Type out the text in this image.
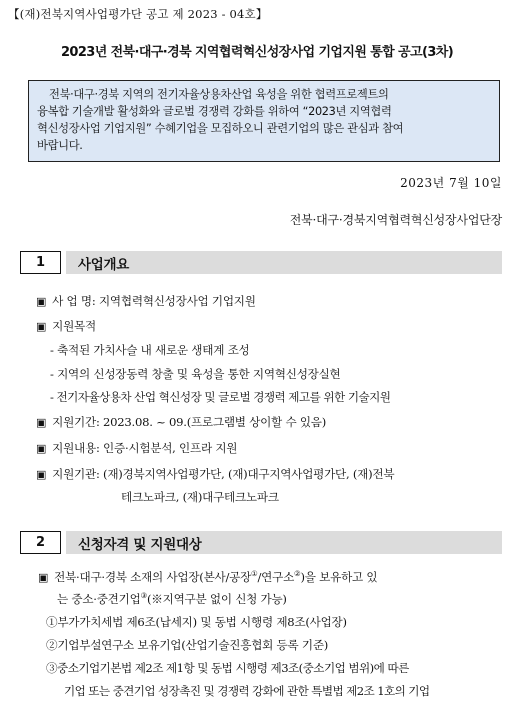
【(재)전북지역사업평가단 공고 제 2023 - 04호】
2023년 전북·대구·경북 지역협력혁신성장사업 기업지원 통합 공고(3차)
전북·대구·경북 지역의 전기자율상용차산업 육성을 위한 협력프로젝트의
융복합 기술개발 활성화와 글로벌 경쟁력 강화를 위하여 “2023년 지역협력
혁신성장사업 기업지원” 수혜기업을 모집하오니 관련기업의 많은 관심과 참여
바랍니다.
2023년 7월 10일
전북·대구·경북지역협력혁신성장사업단장
1	사업개요
▣ 사 업 명: 지역협력혁신성장사업 기업지원
▣ 지원목적
- 축적된 가치사슬 내 새로운 생태계 조성
- 지역의 신성장동력 창출 및 육성을 통한 지역혁신성장실현
- 전기자율상용차 산업 혁신성장 및 글로벌 경쟁력 제고를 위한 기술지원
▣ 지원기간: 2023.08. ~ 09.(프로그램별 상이할 수 있음)
▣ 지원내용: 인증·시험분석, 인프라 지원
▣ 지원기관: (재)경북지역사업평가단, (재)대구지역사업평가단, (재)전북
테크노파크, (재)대구테크노파크
2	신청자격 및 지원대상
▣ 전북·대구·경북 소재의 사업장(본사/공장①/연구소②)을 보유하고 있
는 중소·중견기업③(※지역구분 없이 신청 가능)
①부가가치세법 제6조(납세지) 및 동법 시행령 제8조(사업장)
②기업부설연구소 보유기업(산업기술진흥협회 등록 기준)
③중소기업기본법 제2조 제1항 및 동법 시행령 제3조(중소기업 범위)에 따른
기업 또는 중견기업 성장촉진 및 경쟁력 강화에 관한 특별법 제2조 1호의 기업
